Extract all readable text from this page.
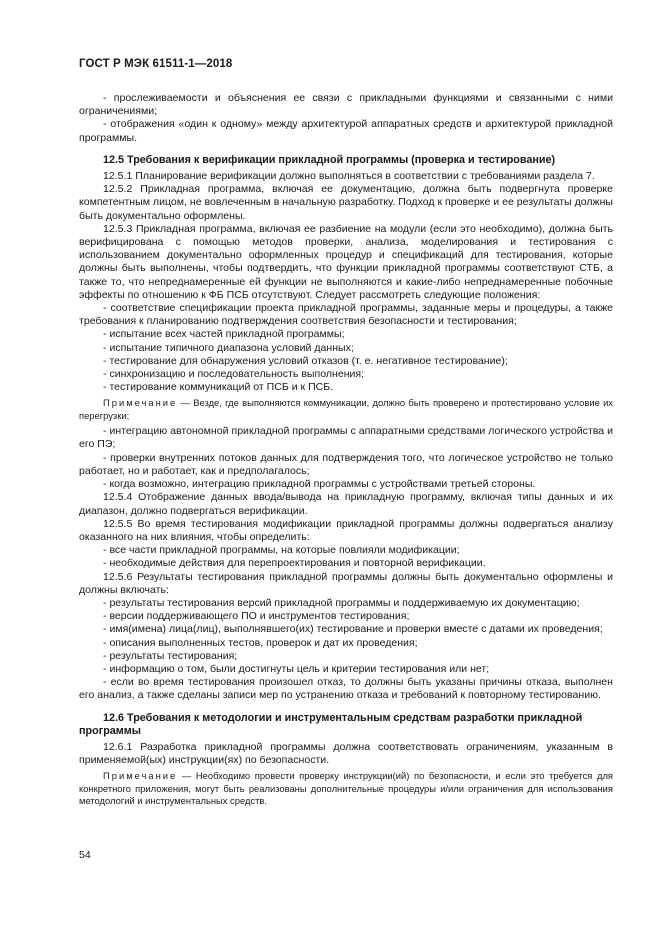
ГОСТ Р МЭК 61511-1—2018

- прослеживаемости и объяснения ее связи с прикладными функциями и связанными с ними ограничениями;

- отображения «один к одному» между архитектурой аппаратных средств и архитектурой прикладной программы.

12.5 Требования к верификации прикладной программы (проверка и тестирование)

12.5.1 Планирование верификации должно выполняться в соответствии с требованиями раздела 7.

12.5.2 Прикладная программа, включая ее документацию, должна быть подвергнута проверке компетентным лицом, не вовлеченным в начальную разработку. Подход к проверке и ее результаты должны быть документально оформлены.

12.5.3 Прикладная программа, включая ее разбиение на модули (если это необходимо), должна быть верифицирована с помощью методов проверки, анализа, моделирования и тестирования с использованием документально оформленных процедур и спецификаций для тестирования, которые должны быть выполнены, чтобы подтвердить, что функции прикладной программы соответствуют СТБ, а также то, что непреднамеренные ей функции не выполняются и какие-либо непреднамеренные побочные эффекты по отношению к ФБ ПСБ отсутствуют. Следует рассмотреть следующие положения:

- соответствие спецификации проекта прикладной программы, заданные меры и процедуры, а также требования к планированию подтверждения соответствия безопасности и тестирования;

- испытание всех частей прикладной программы;

- испытание типичного диапазона условий данных;

- тестирование для обнаружения условий отказов (т. е. негативное тестирование);

- синхронизацию и последовательность выполнения;

- тестирование коммуникаций от ПСБ и к ПСБ.

Примечание — Везде, где выполняются коммуникации, должно быть проверено и протестировано условие их перегрузки;

- интеграцию автономной прикладной программы с аппаратными средствами логического устройства и его ПЭ;

- проверки внутренних потоков данных для подтверждения того, что логическое устройство не только работает, но и работает, как и предполагалось;

- когда возможно, интеграцию прикладной программы с устройствами третьей стороны.

12.5.4 Отображение данных ввода/вывода на прикладную программу, включая типы данных и их диапазон, должно подвергаться верификации.

12.5.5 Во время тестирования модификации прикладной программы должны подвергаться анализу оказанного на них влияния, чтобы определить:

- все части прикладной программы, на которые повлияли модификации;

- необходимые действия для перепроектирования и повторной верификации.

12.5.6 Результаты тестирования прикладной программы должны быть документально оформлены и должны включать:

- результаты тестирования версий прикладной программы и поддерживаемую их документацию;

- версии поддерживающего ПО и инструментов тестирования;

- имя(имена) лица(лиц), выполнявшего(их) тестирование и проверки вместе с датами их проведения;

- описания выполненных тестов, проверок и дат их проведения;

- результаты тестирования;

- информацию о том, были достигнуты цель и критерии тестирования или нет;

- если во время тестирования произошел отказ, то должны быть указаны причины отказа, выполнен его анализ, а также сделаны записи мер по устранению отказа и требований к повторному тестированию.

12.6 Требования к методологии и инструментальным средствам разработки прикладной программы

12.6.1 Разработка прикладной программы должна соответствовать ограничениям, указанным в применяемой(ых) инструкции(ях) по безопасности.

Примечание — Необходимо провести проверку инструкции(ий) по безопасности, и если это требуется для конкретного приложения, могут быть реализованы дополнительные процедуры и/или ограничения для использования методологий и инструментальных средств.

54
